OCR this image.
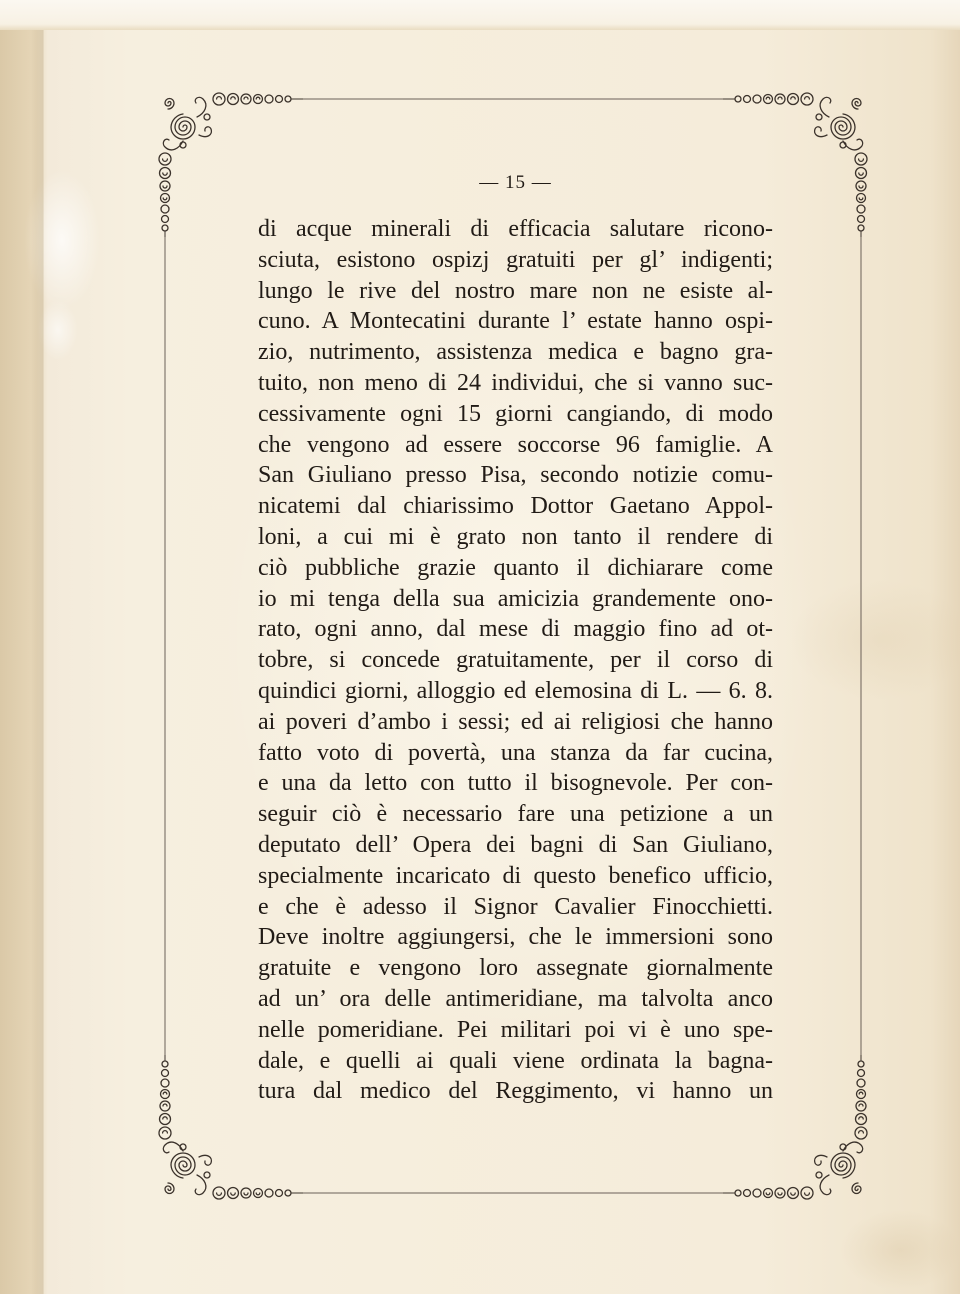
— 15 —
di acque minerali di efficacia salutare ricono-
sciuta, esistono ospizj gratuiti per gl’ indigenti;
lungo le rive del nostro mare non ne esiste al-
cuno. A Montecatini durante l’ estate hanno ospi-
zio, nutrimento, assistenza medica e bagno gra-
tuito, non meno di 24 individui, che si vanno suc-
cessivamente ogni 15 giorni cangiando, di modo
che vengono ad essere soccorse 96 famiglie. A
San Giuliano presso Pisa, secondo notizie comu-
nicatemi dal chiarissimo Dottor Gaetano Appol-
loni, a cui mi è grato non tanto il rendere di
ciò pubbliche grazie quanto il dichiarare come
io mi tenga della sua amicizia grandemente ono-
rato, ogni anno, dal mese di maggio fino ad ot-
tobre, si concede gratuitamente, per il corso di
quindici giorni, alloggio ed elemosina di L. — 6. 8.
ai poveri d’ambo i sessi; ed ai religiosi che hanno
fatto voto di povertà, una stanza da far cucina,
e una da letto con tutto il bisognevole. Per con-
seguir ciò è necessario fare una petizione a un
deputato dell’ Opera dei bagni di San Giuliano,
specialmente incaricato di questo benefico ufficio,
e che è adesso il Signor Cavalier Finocchietti.
Deve inoltre aggiungersi, che le immersioni sono
gratuite e vengono loro assegnate giornalmente
ad un’ ora delle antimeridiane, ma talvolta anco
nelle pomeridiane. Pei militari poi vi è uno spe-
dale, e quelli ai quali viene ordinata la bagna-
tura dal medico del Reggimento, vi hanno un
